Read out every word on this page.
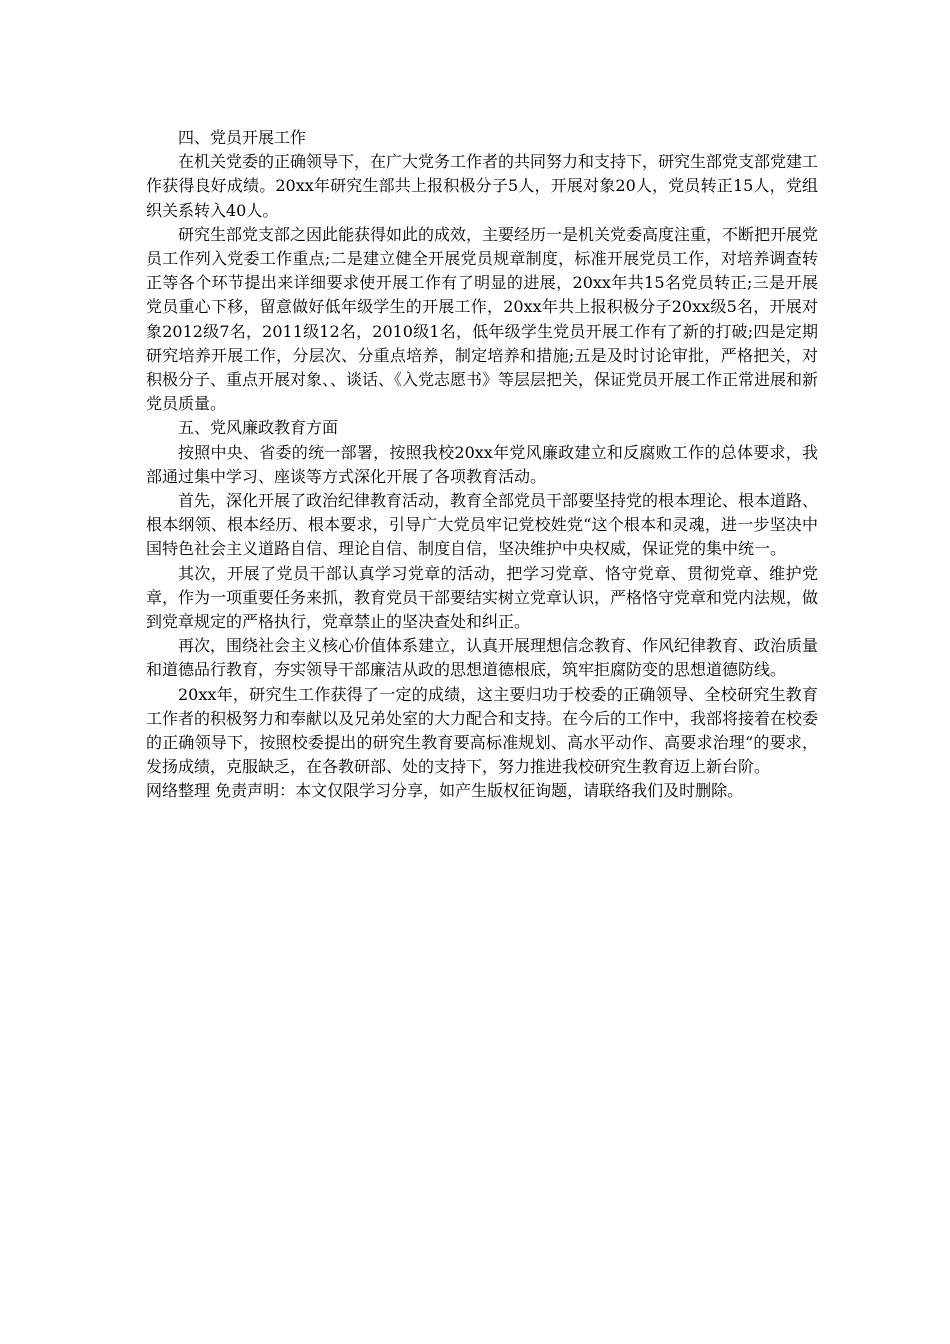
四、党员开展工作

在机关党委的正确领导下，在广大党务工作者的共同努力和支持下，研究生部党支部党建工作获得良好成绩。20xx年研究生部共上报积极分子5人，开展对象20人，党员转正15人，党组织关系转入40人。

研究生部党支部之因此能获得如此的成效，主要经历一是机关党委高度注重，不断把开展党员工作列入党委工作重点;二是建立健全开展党员规章制度，标准开展党员工作，对培养调查转正等各个环节提出来详细要求使开展工作有了明显的进展，20xx年共15名党员转正;三是开展党员重心下移，留意做好低年级学生的开展工作，20xx年共上报积极分子20xx级5名，开展对象2012级7名，2011级12名，2010级1名，低年级学生党员开展工作有了新的打破;四是定期研究培养开展工作，分层次、分重点培养，制定培养和措施;五是及时讨论审批，严格把关，对积极分子、重点开展对象、、谈话、《入党志愿书》等层层把关，保证党员开展工作正常进展和新党员质量。

五、党风廉政教育方面

按照中央、省委的统一部署，按照我校20xx年党风廉政建立和反腐败工作的总体要求，我部通过集中学习、座谈等方式深化开展了各项教育活动。

首先，深化开展了政治纪律教育活动，教育全部党员干部要坚持党的根本理论、根本道路、根本纲领、根本经历、根本要求，引导广大党员牢记党校姓党“这个根本和灵魂，进一步坚决中国特色社会主义道路自信、理论自信、制度自信，坚决维护中央权威，保证党的集中统一。

其次，开展了党员干部认真学习党章的活动，把学习党章、恪守党章、贯彻党章、维护党章，作为一项重要任务来抓，教育党员干部要结实树立党章认识，严格恪守党章和党内法规，做到党章规定的严格执行，党章禁止的坚决查处和纠正。

再次，围绕社会主义核心价值体系建立，认真开展理想信念教育、作风纪律教育、政治质量和道德品行教育，夯实领导干部廉洁从政的思想道德根底，筑牢拒腐防变的思想道德防线。

20xx年，研究生工作获得了一定的成绩，这主要归功于校委的正确领导、全校研究生教育工作者的积极努力和奉献以及兄弟处室的大力配合和支持。在今后的工作中，我部将接着在校委的正确领导下，按照校委提出的研究生教育要高标准规划、高水平动作、高要求治理“的要求，发扬成绩，克服缺乏，在各教研部、处的支持下，努力推进我校研究生教育迈上新台阶。

网络整理 免责声明：本文仅限学习分享，如产生版权征询题，请联络我们及时删除。
